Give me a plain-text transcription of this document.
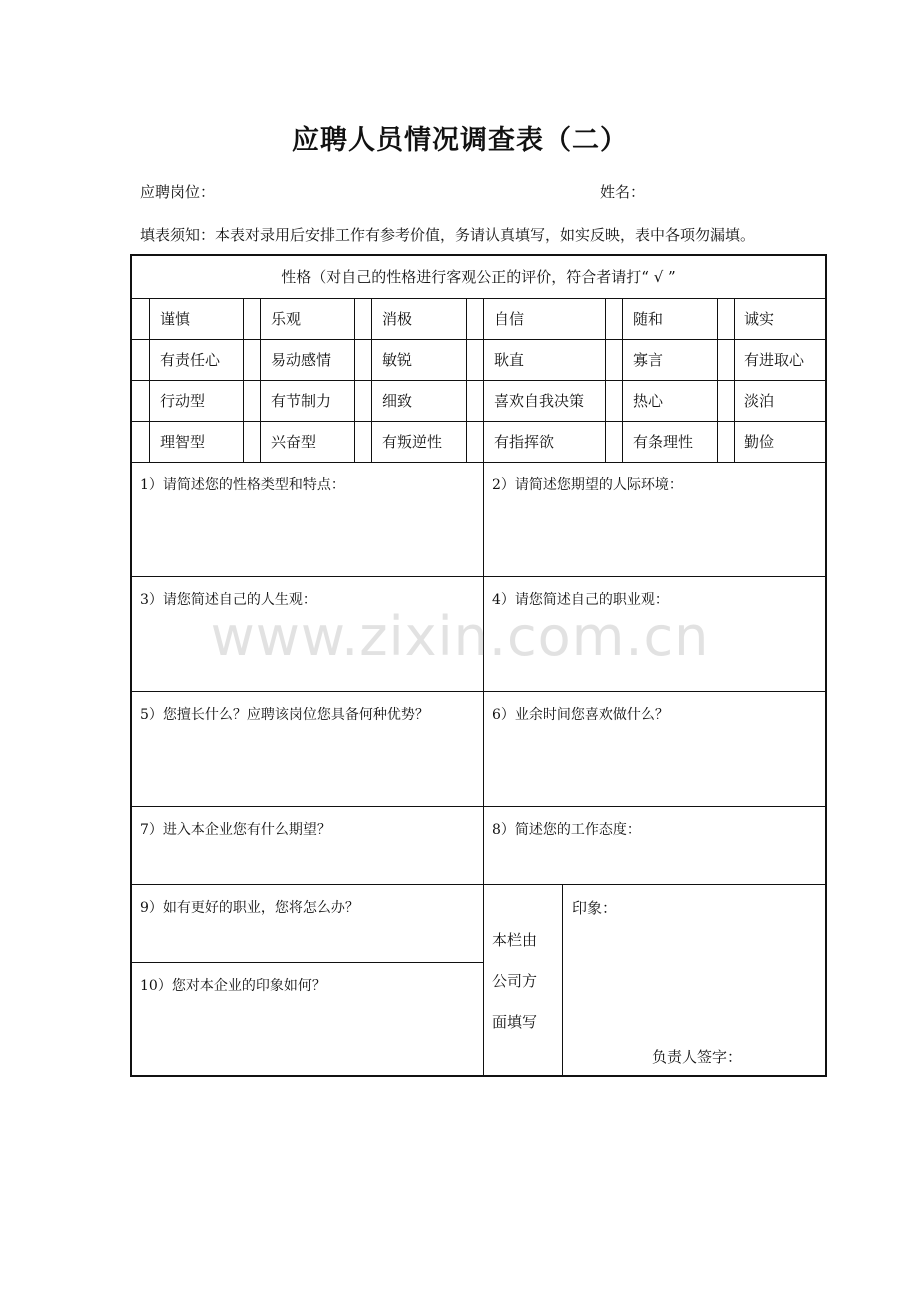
应聘人员情况调查表（二）
应聘岗位：	姓名：
填表须知：本表对录用后安排工作有参考价值，务请认真填写，如实反映，表中各项勿漏填。
性格（对自己的性格进行客观公正的评价，符合者请打“ √ ”
谨慎	乐观	消极	自信	随和	诚实
有责任心	易动感情	敏锐	耿直	寡言	有进取心
行动型	有节制力	细致	喜欢自我决策	热心	淡泊
理智型	兴奋型	有叛逆性	有指挥欲	有条理性	勤俭
1）请简述您的性格类型和特点：	2）请简述您期望的人际环境：
3）请您简述自己的人生观：	4）请您简述自己的职业观：
5）您擅长什么？应聘该岗位您具备何种优势？	6）业余时间您喜欢做什么？
7）进入本企业您有什么期望？	8）简述您的工作态度：
9）如有更好的职业，您将怎么办？
10）您对本企业的印象如何？
印象：
负责人签字：
本栏由
公司方
面填写
www.zixin.com.cn
